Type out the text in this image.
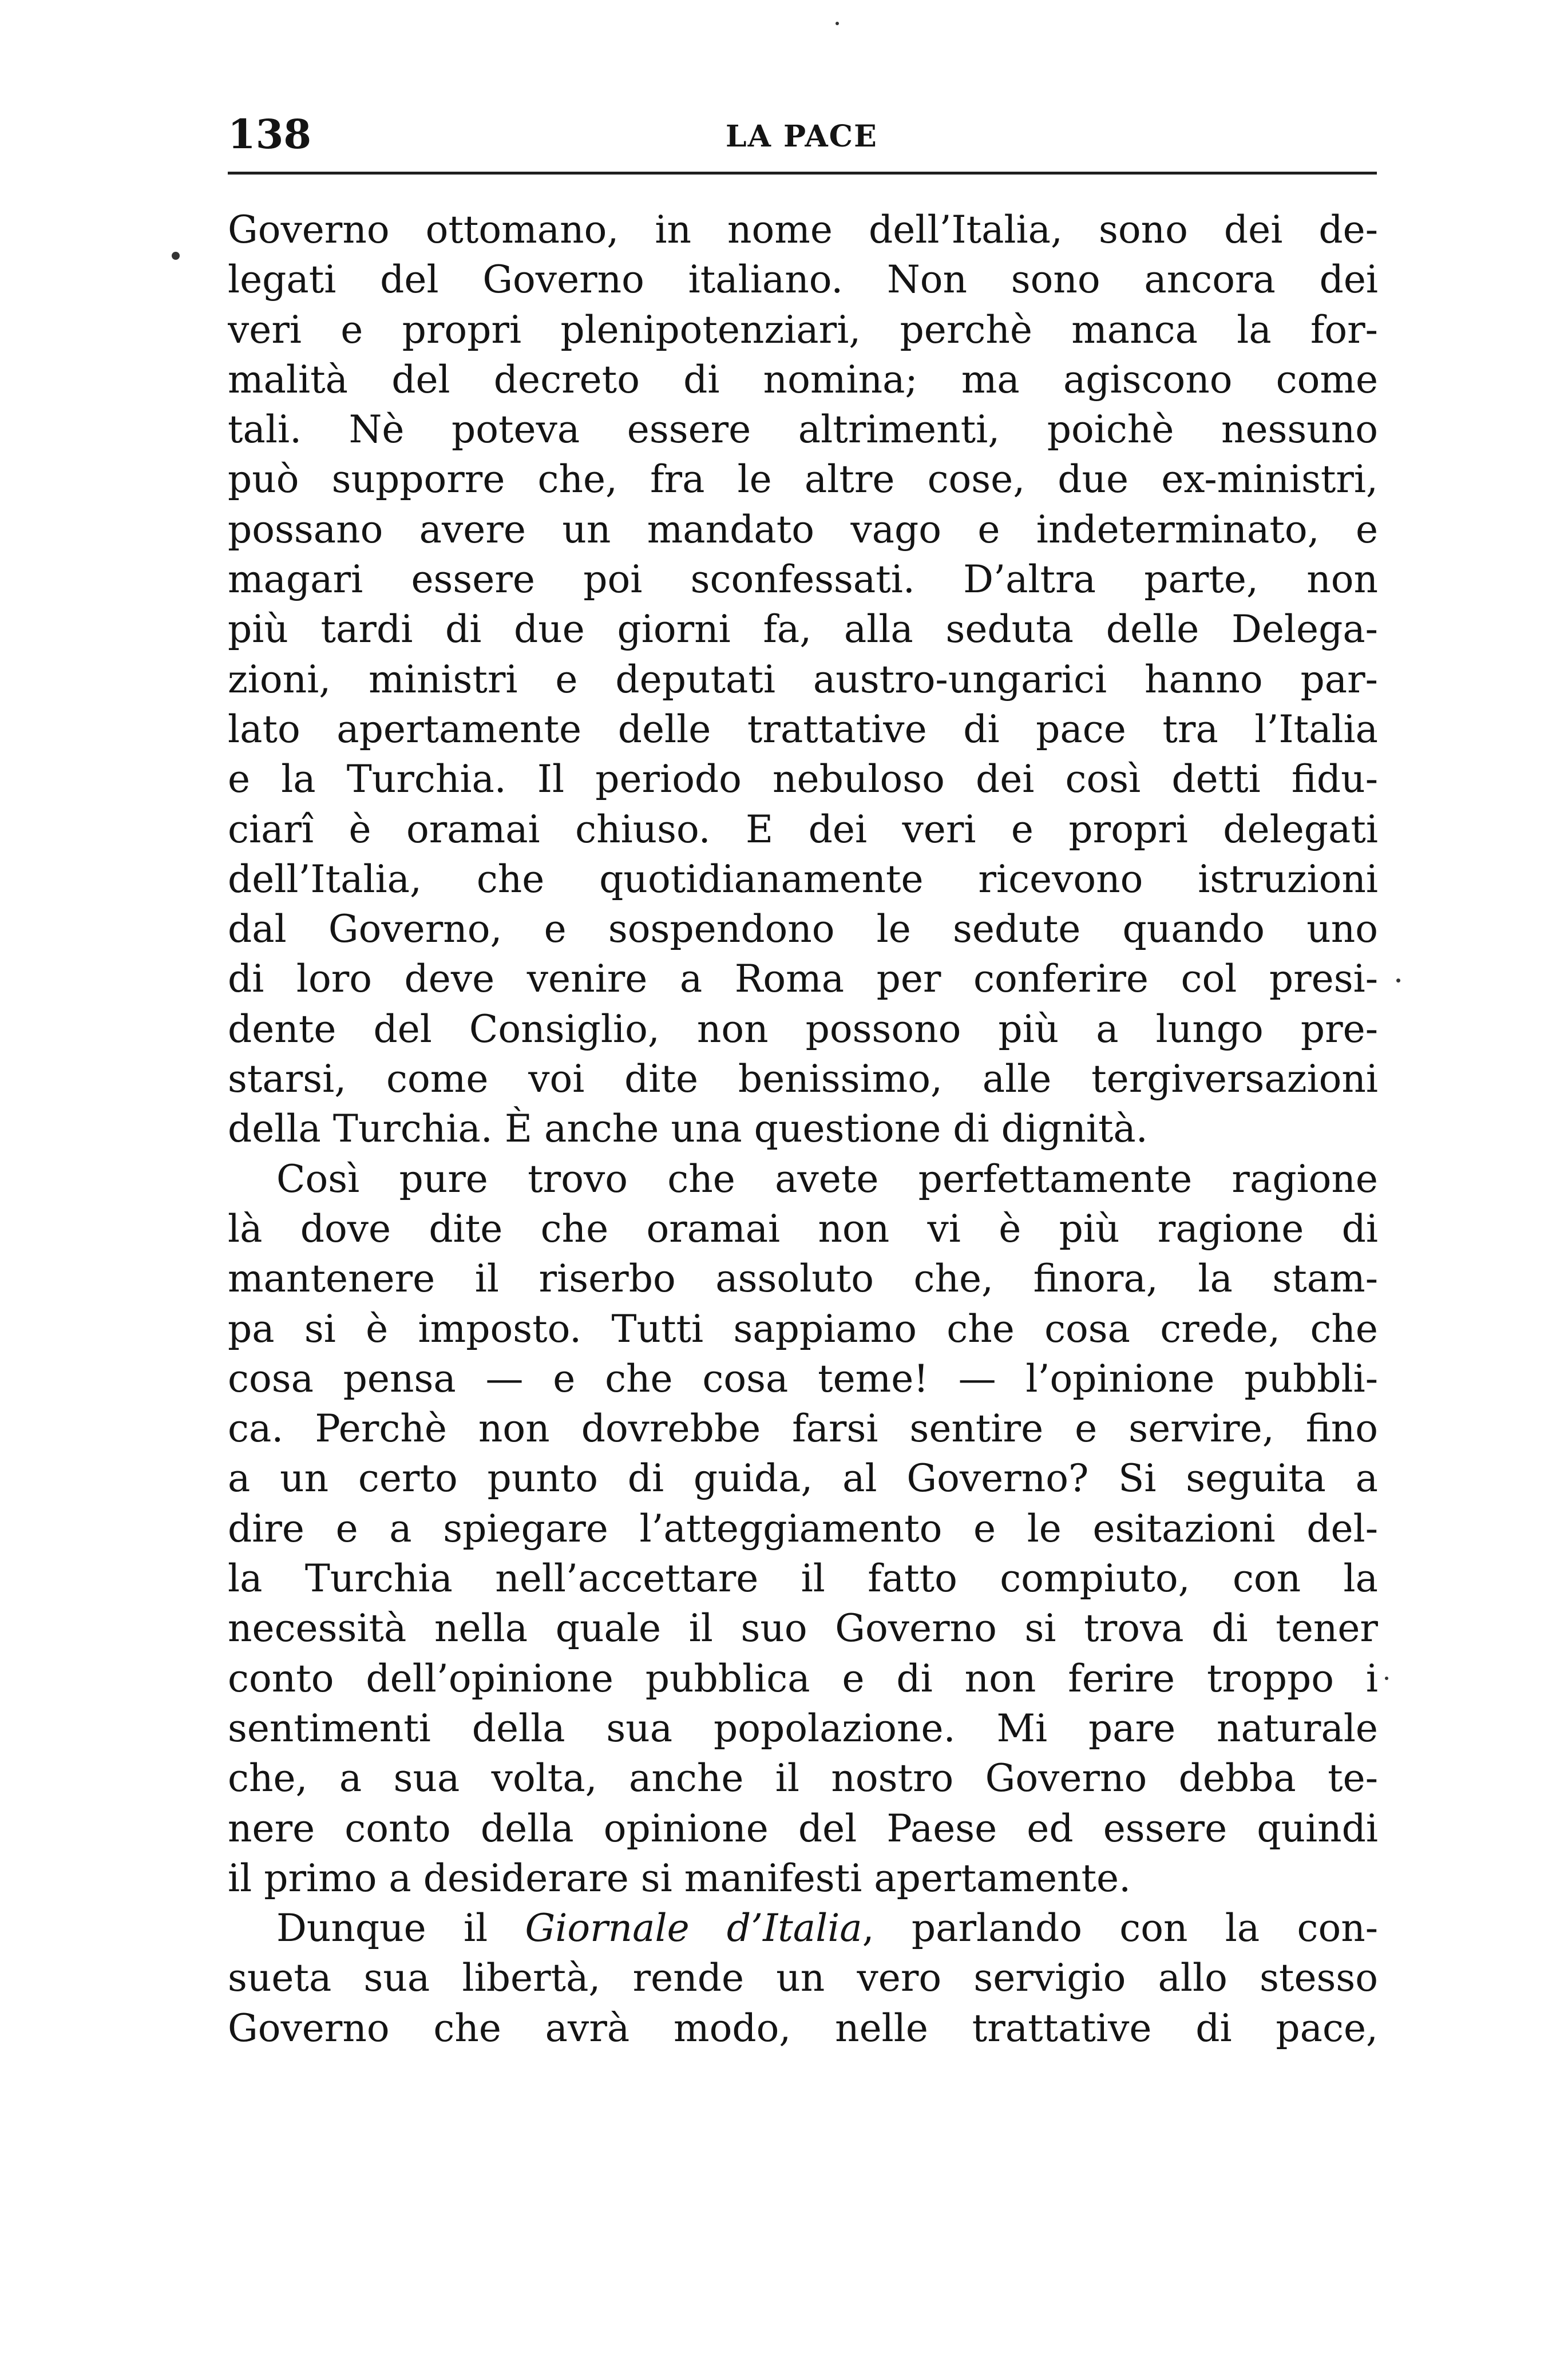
138	LA PACE
Governo ottomano, in nome dell’Italia, sono dei de-
legati del Governo italiano. Non sono ancora dei
veri e propri plenipotenziari, perchè manca la for-
malità del decreto di nomina; ma agiscono come
tali. Nè poteva essere altrimenti, poichè nessuno
può supporre che, fra le altre cose, due ex-ministri,
possano avere un mandato vago e indeterminato, e
magari essere poi sconfessati. D’altra parte, non
più tardi di due giorni fa, alla seduta delle Delega-
zioni, ministri e deputati austro-ungarici hanno par-
lato apertamente delle trattative di pace tra l’Italia
e la Turchia. Il periodo nebuloso dei così detti fidu-
ciarî è oramai chiuso. E dei veri e propri delegati
dell’Italia, che quotidianamente ricevono istruzioni
dal Governo, e sospendono le sedute quando uno
di loro deve venire a Roma per conferire col presi-
dente del Consiglio, non possono più a lungo pre-
starsi, come voi dite benissimo, alle tergiversazioni
della Turchia. È anche una questione di dignità.
Così pure trovo che avete perfettamente ragione
là dove dite che oramai non vi è più ragione di
mantenere il riserbo assoluto che, finora, la stam-
pa si è imposto. Tutti sappiamo che cosa crede, che
cosa pensa — e che cosa teme! — l’opinione pubbli-
ca. Perchè non dovrebbe farsi sentire e servire, fino
a un certo punto di guida, al Governo? Si seguita a
dire e a spiegare l’atteggiamento e le esitazioni del-
la Turchia nell’accettare il fatto compiuto, con la
necessità nella quale il suo Governo si trova di tener
conto dell’opinione pubblica e di non ferire troppo i
sentimenti della sua popolazione. Mi pare naturale
che, a sua volta, anche il nostro Governo debba te-
nere conto della opinione del Paese ed essere quindi
il primo a desiderare si manifesti apertamente.
Dunque il Giornale d’Italia, parlando con la con-
sueta sua libertà, rende un vero servigio allo stesso
Governo che avrà modo, nelle trattative di pace,
